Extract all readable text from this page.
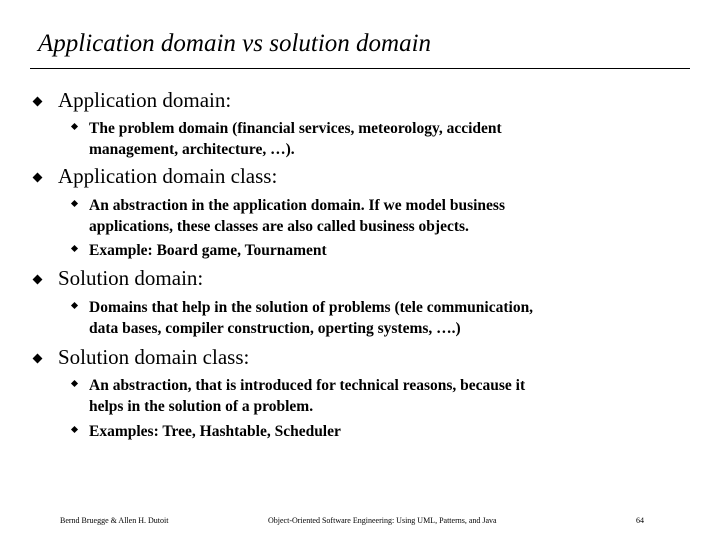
Application domain vs solution domain
Application domain:
The problem domain (financial services, meteorology, accident
management, architecture, …).
Application domain class:
An abstraction in the application domain. If we model business
applications, these classes are also called business objects.
Example: Board game, Tournament
Solution domain:
Domains that help in the solution of problems (tele communication,
data bases, compiler construction, operting systems, ….)
Solution domain class:
An abstraction, that is introduced for technical reasons, because it
helps in the solution of a problem.
Examples: Tree, Hashtable, Scheduler
Bernd Bruegge & Allen H. Dutoit	Object-Oriented Software Engineering: Using UML, Patterns, and Java	64
